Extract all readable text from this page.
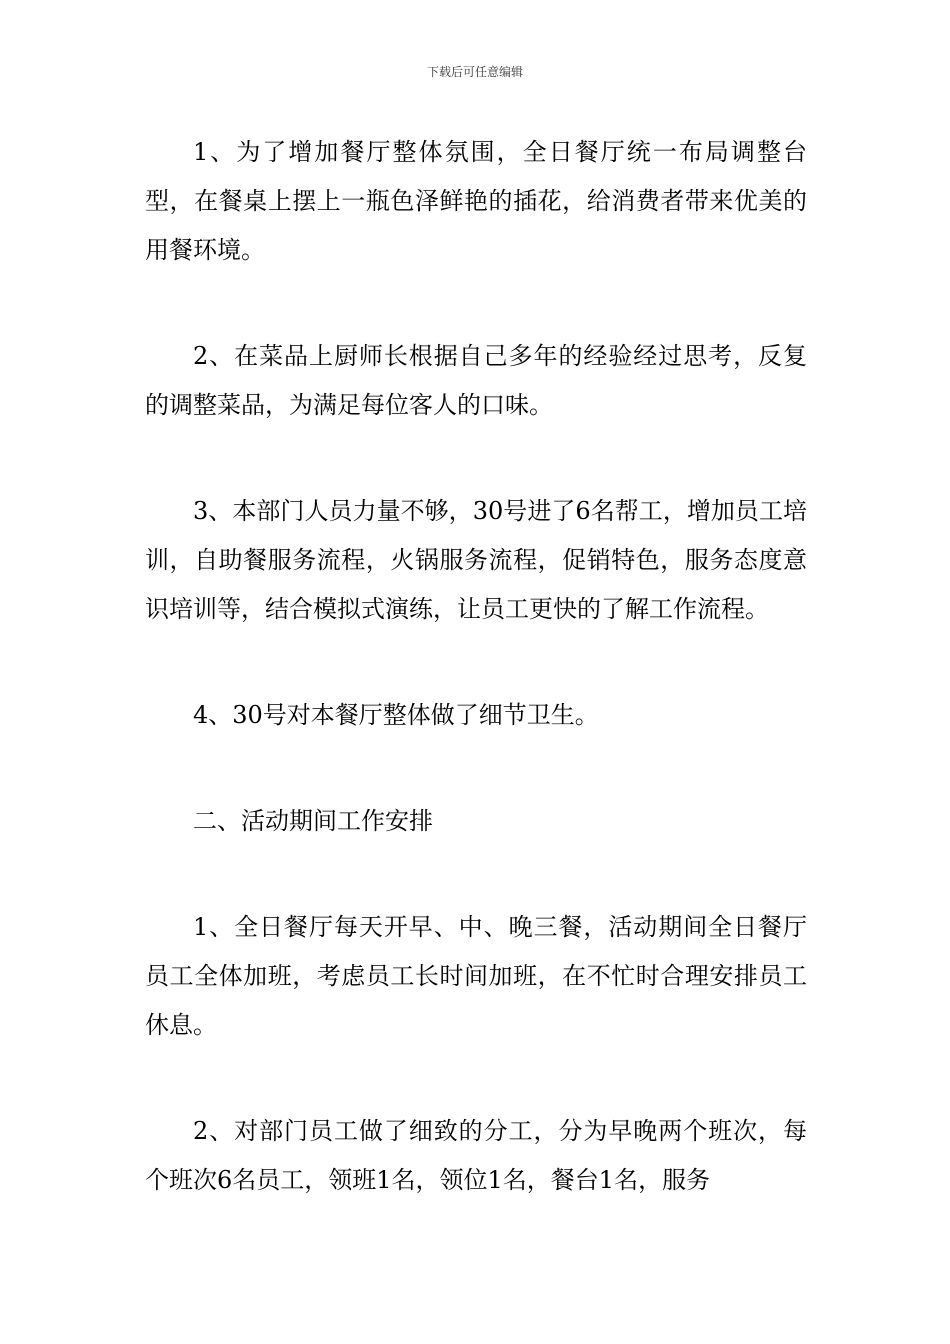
下载后可任意编辑

1、为了增加餐厅整体氛围，全日餐厅统一布局调整台型，在餐桌上摆上一瓶色泽鲜艳的插花，给消费者带来优美的用餐环境。

2、在菜品上厨师长根据自己多年的经验经过思考，反复的调整菜品，为满足每位客人的口味。

3、本部门人员力量不够，30号进了6名帮工，增加员工培训，自助餐服务流程，火锅服务流程，促销特色，服务态度意识培训等，结合模拟式演练，让员工更快的了解工作流程。

4、30号对本餐厅整体做了细节卫生。

二、活动期间工作安排

1、全日餐厅每天开早、中、晚三餐，活动期间全日餐厅员工全体加班，考虑员工长时间加班，在不忙时合理安排员工休息。

2、对部门员工做了细致的分工，分为早晚两个班次，每个班次6名员工，领班1名，领位1名，餐台1名，服务
